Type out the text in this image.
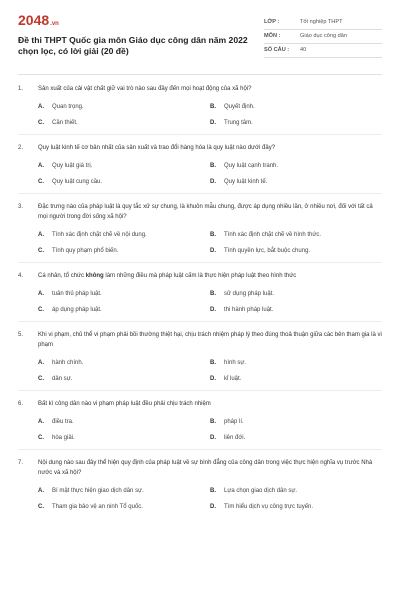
2048 .vn
Đề thi THPT Quốc gia môn Giáo dục công dân năm 2022 chọn lọc, có lời giải (20 đề)
LỚP :	Tốt nghiệp THPT
MÔN :	Giáo dục công dân
SỐ CÂU :	40
1.	Sản xuất của cải vật chất giữ vai trò nào sau đây đến mọi hoạt động của xã hội?
A.	Quan trọng.	B.	Quyết định.
C.	Cần thiết.	D.	Trung tâm.
2.	Quy luật kinh tế cơ bản nhất của sản xuất và trao đổi hàng hóa là quy luật nào dưới đây?
A.	Quy luật giá trị.	B.	Quy luật cạnh tranh.
C.	Quy luật cung cầu.	D.	Quy luật kinh tế.
3.	Đặc trưng nào của pháp luật là quy tắc xử sự chung, là khuôn mẫu chung, được áp dụng nhiều lần, ở nhiều nơi, đối với tất cả mọi người trong đời sống xã hội?
A.	Tính xác định chặt chẽ về nội dung.	B.	Tính xác định chặt chẽ về hình thức.
C.	Tính quy phạm phổ biến.	D.	Tính quyền lực, bắt buộc chung.
4.	Cá nhân, tổ chức không làm những điều mà pháp luật cấm là thực hiện pháp luật theo hình thức
A.	tuân thủ pháp luật.	B.	sử dụng pháp luật.
C.	áp dụng pháp luật.	D.	thi hành pháp luật.
5.	Khi vi phạm, chủ thể vi phạm phải bồi thường thiệt hại, chịu trách nhiệm pháp lý theo đúng thoả thuận giữa các bên tham gia là vi phạm
A.	hành chính.	B.	hình sự.
C.	dân sự.	D.	kỉ luật.
6.	Bất kì công dân nào vi phạm pháp luật đều phải chịu trách nhiệm
A.	điều tra.	B.	pháp lí.
C.	hòa giải.	D.	liên đới.
7.	Nội dung nào sau đây thể hiện quy định của pháp luật về sự bình đẳng của công dân trong việc thực hiện nghĩa vụ trước Nhà nước và xã hội?
A.	Bí mật thực hiện giao dịch dân sự.	B.	Lựa chọn giao dịch dân sự.
C.	Tham gia bảo vệ an ninh Tổ quốc.	D.	Tìm hiểu dịch vụ công trực tuyến.
